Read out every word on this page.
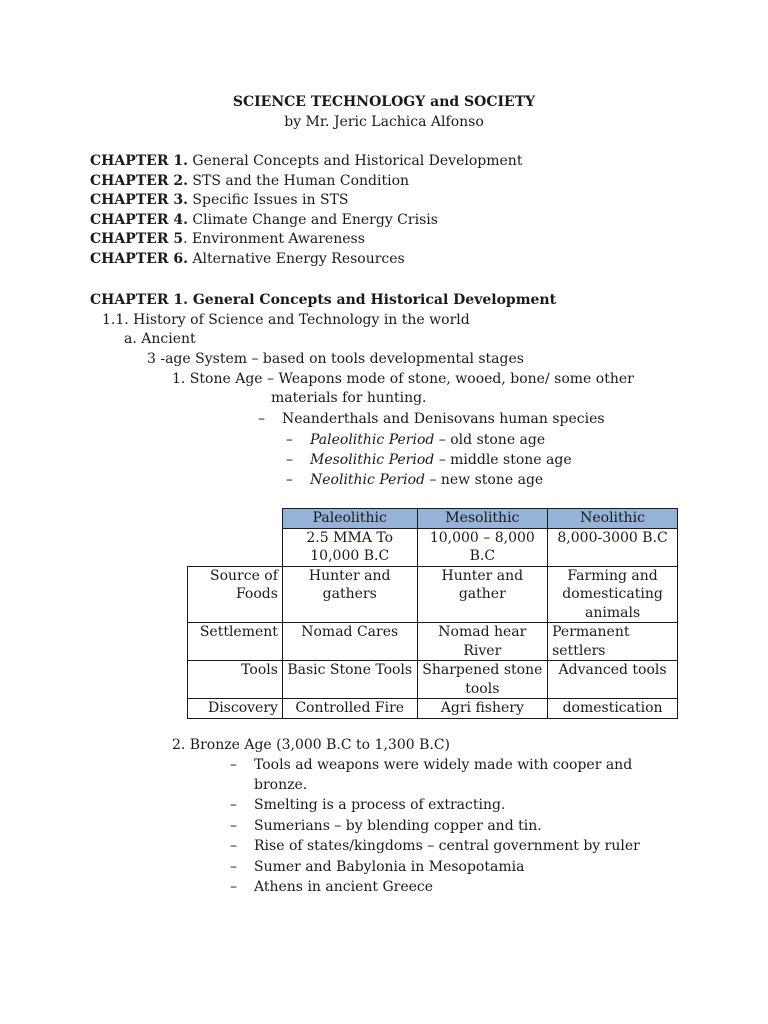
SCIENCE TECHNOLOGY and SOCIETY
by Mr. Jeric Lachica Alfonso
CHAPTER 1. General Concepts and Historical Development
CHAPTER 2. STS and the Human Condition
CHAPTER 3. Specific Issues in STS
CHAPTER 4. Climate Change and Energy Crisis
CHAPTER 5. Environment Awareness
CHAPTER 6. Alternative Energy Resources
CHAPTER 1. General Concepts and Historical Development
1.1. History of Science and Technology in the world
a. Ancient
3 -age System – based on tools developmental stages
1. Stone Age – Weapons mode of stone, wooed, bone/ some other
materials for hunting.
– Neanderthals and Denisovans human species
– Paleolithic Period – old stone age
– Mesolithic Period – middle stone age
– Neolithic Period – new stone age
	Paleolithic	Mesolithic	Neolithic
	2.5 MMA To 10,000 B.C	10,000 – 8,000 B.C	8,000-3000 B.C
Source of Foods	Hunter and gathers	Hunter and gather	Farming and domesticating animals
Settlement	Nomad Cares	Nomad hear River	Permanent settlers
Tools	Basic Stone Tools	Sharpened stone tools	Advanced tools
Discovery	Controlled Fire	Agri fishery	domestication
2. Bronze Age (3,000 B.C to 1,300 B.C)
– Tools ad weapons were widely made with cooper and
bronze.
– Smelting is a process of extracting.
– Sumerians – by blending copper and tin.
– Rise of states/kingdoms – central government by ruler
– Sumer and Babylonia in Mesopotamia
– Athens in ancient Greece
